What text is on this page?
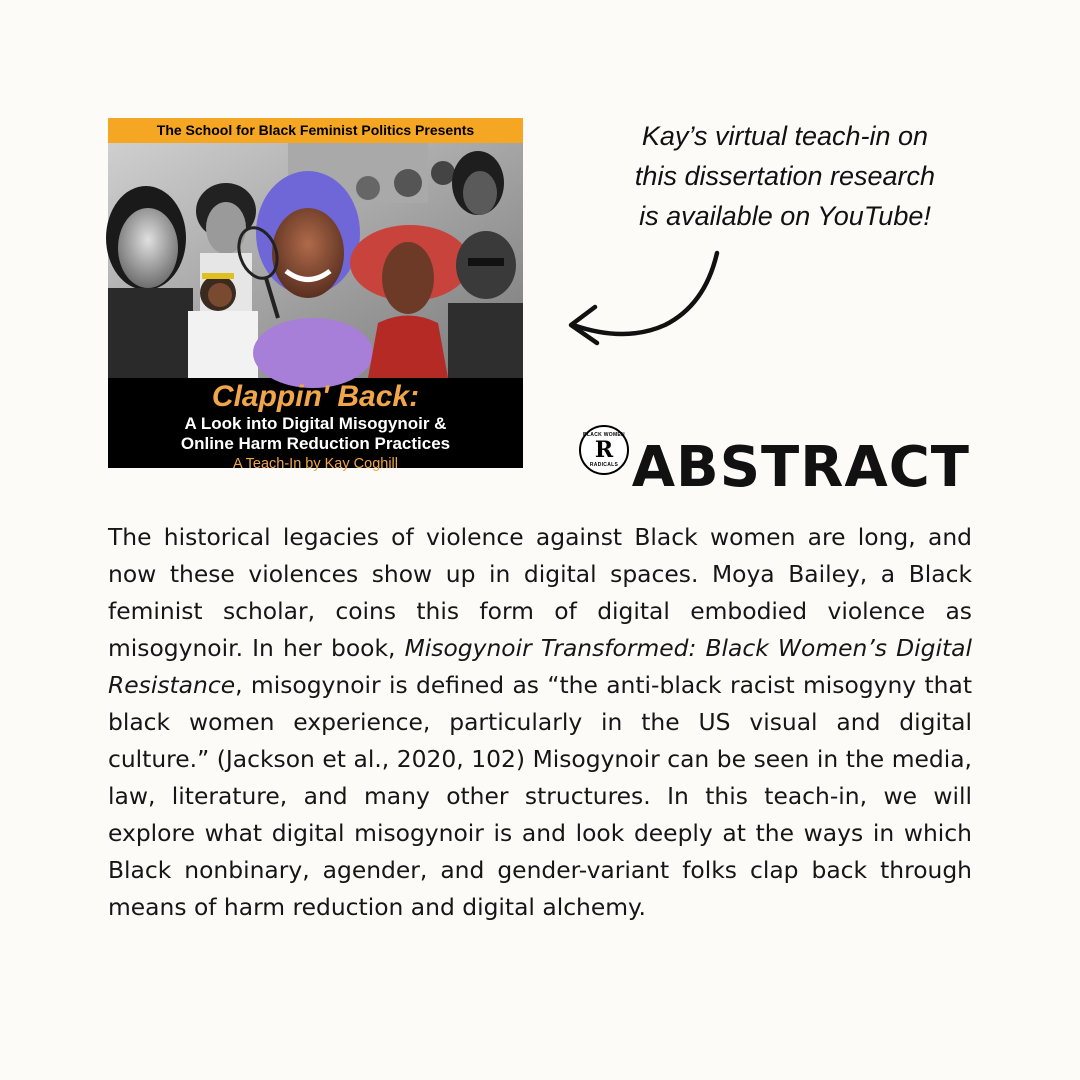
The School for Black Feminist Politics Presents
BLACK WOMEN
R
RADICALS
Clappin' Back:
A Look into Digital Misogynoir &
Online Harm Reduction Practices
A Teach-In by Kay Coghill
Kay’s virtual teach-in on
this dissertation research
is available on YouTube!
ABSTRACT
The historical legacies of violence against Black women are long, and now these violences show up in digital spaces. Moya Bailey, a Black feminist scholar, coins this form of digital embodied violence as misogynoir. In her book, Misogynoir Transformed: Black Women’s Digital Resistance, misogynoir is defined as “the anti-black racist misogyny that black women experience, particularly in the US visual and digital culture.” (Jackson et al., 2020, 102) Misogynoir can be seen in the media, law, literature, and many other structures. In this teach-in, we will explore what digital misogynoir is and look deeply at the ways in which Black nonbinary, agender, and gender-variant folks clap back through means of harm reduction and digital alchemy.
